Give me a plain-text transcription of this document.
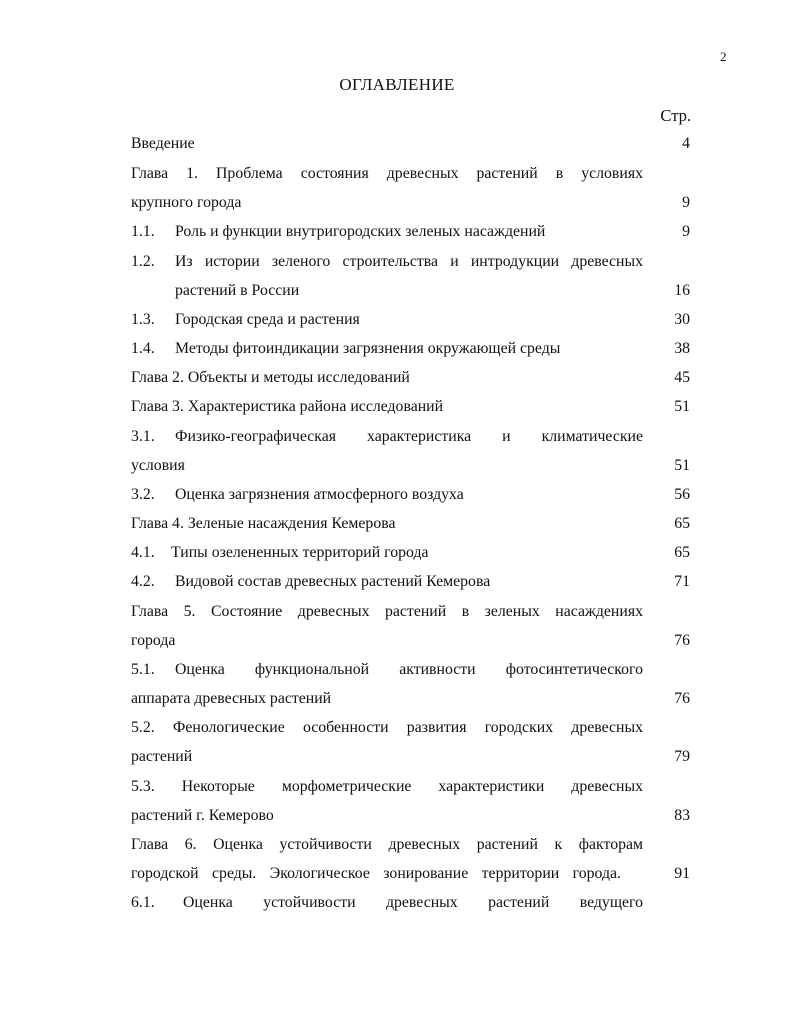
2
ОГЛАВЛЕНИЕ
Стр.
Введение	4
Глава 1. Проблема состояния древесных растений в условиях
крупного города	9
1.1. Роль и функции внутригородских зеленых насаждений	9
1.2. Из истории зеленого строительства и интродукции древесных
растений в России	16
1.3. Городская среда и растения	30
1.4. Методы фитоиндикации загрязнения окружающей среды	38
Глава 2. Объекты и методы исследований	45
Глава 3. Характеристика района исследований	51
3.1. Физико-географическая характеристика и климатические
условия	51
3.2. Оценка загрязнения атмосферного воздуха	56
Глава 4. Зеленые насаждения Кемерова	65
4.1. Типы озелененных территорий города	65
4.2. Видовой состав древесных растений Кемерова	71
Глава 5. Состояние древесных растений в зеленых насаждениях
города	76
5.1. Оценка функциональной активности фотосинтетического
аппарата древесных растений	76
5.2. Фенологические особенности развития городских древесных
растений	79
5.3. Некоторые морфометрические характеристики древесных
растений г. Кемерово	83
Глава 6. Оценка устойчивости древесных растений к факторам
городской среды. Экологическое зонирование территории города.	91
6.1. Оценка устойчивости древесных растений ведущего
